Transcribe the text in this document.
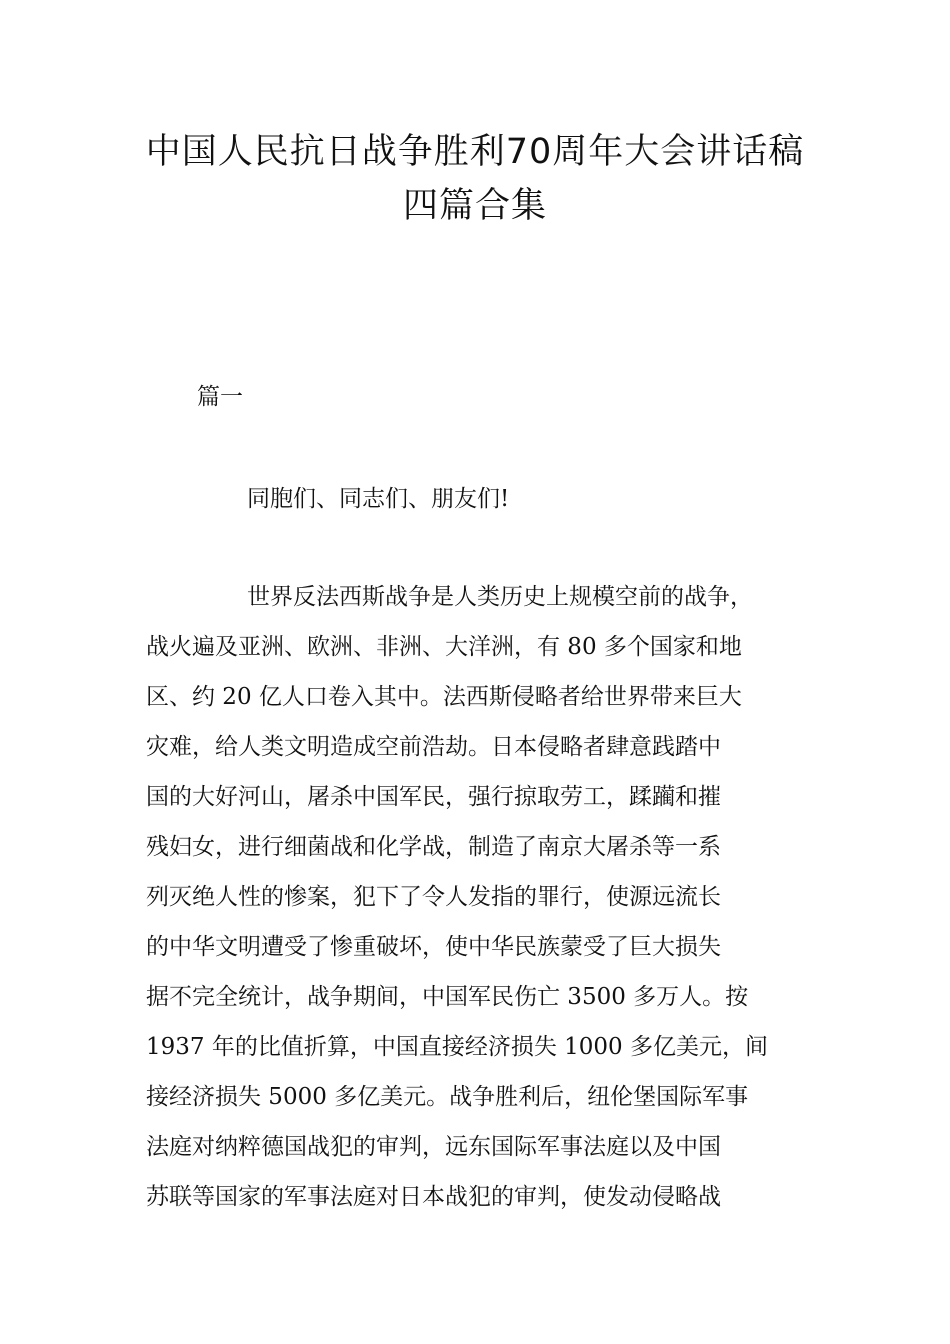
中国人民抗日战争胜利70周年大会讲话稿
四篇合集
篇一
同胞们、同志们、朋友们!
世界反法西斯战争是人类历史上规模空前的战争，
战火遍及亚洲、欧洲、非洲、大洋洲，有 80 多个国家和地
区、约 20 亿人口卷入其中。法西斯侵略者给世界带来巨大
灾难，给人类文明造成空前浩劫。日本侵略者肆意践踏中
国的大好河山，屠杀中国军民，强行掠取劳工，蹂躏和摧
残妇女，进行细菌战和化学战，制造了南京大屠杀等一系
列灭绝人性的惨案，犯下了令人发指的罪行，使源远流长
的中华文明遭受了惨重破坏，使中华民族蒙受了巨大损失
据不完全统计，战争期间，中国军民伤亡 3500 多万人。按
1937 年的比值折算，中国直接经济损失 1000 多亿美元，间
接经济损失 5000 多亿美元。战争胜利后，纽伦堡国际军事
法庭对纳粹德国战犯的审判，远东国际军事法庭以及中国
苏联等国家的军事法庭对日本战犯的审判，使发动侵略战
